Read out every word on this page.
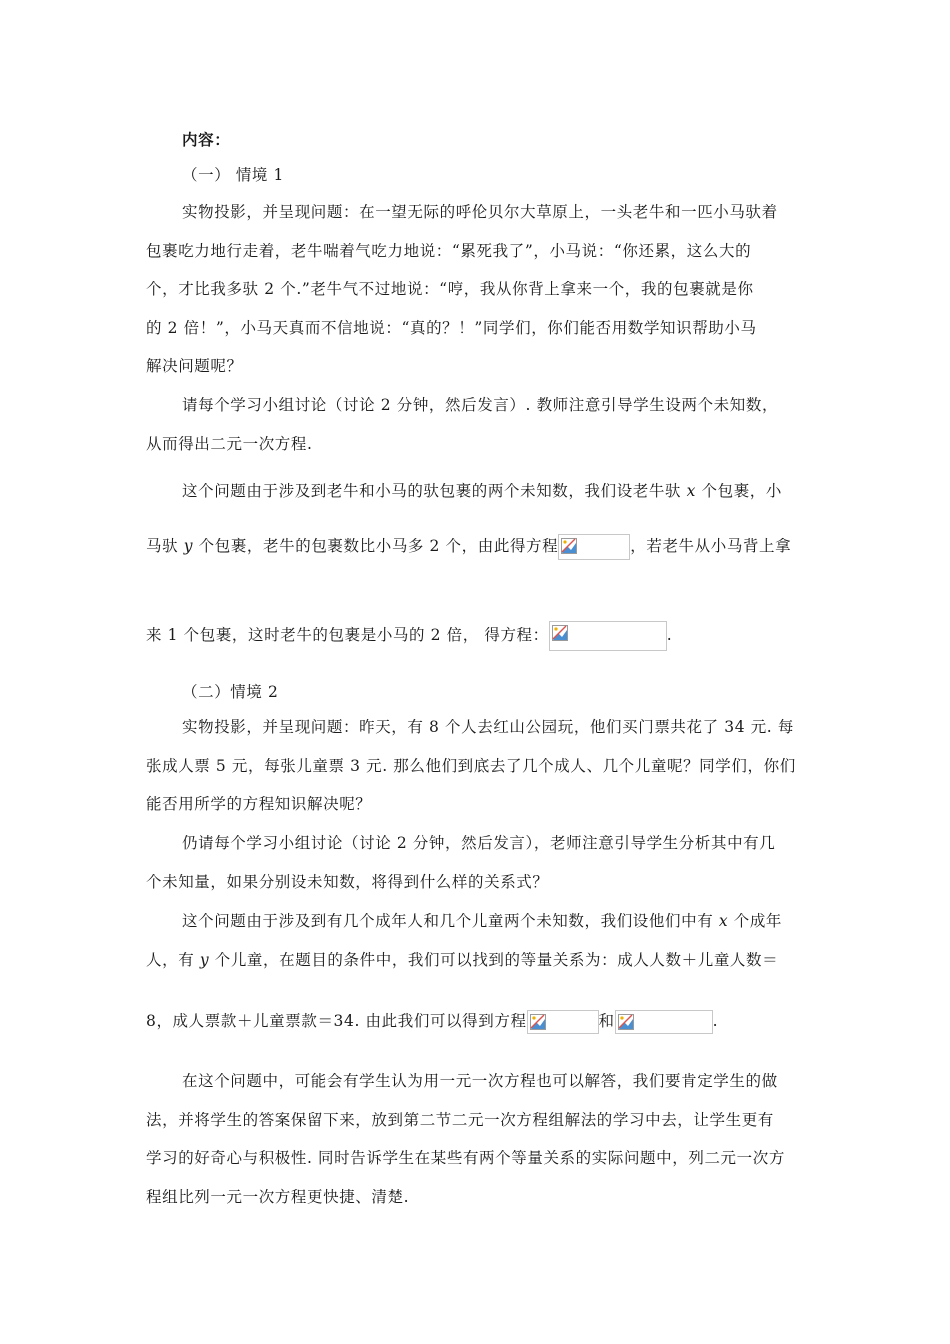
内容：
（一） 情境 1
实物投影，并呈现问题：在一望无际的呼伦贝尔大草原上，一头老牛和一匹小马驮着
包裹吃力地行走着，老牛喘着气吃力地说：“累死我了”，小马说：“你还累，这么大的
个，才比我多驮 2 个.”老牛气不过地说：“哼，我从你背上拿来一个，我的包裹就是你
的 2 倍！”，小马天真而不信地说：“真的？！”同学们，你们能否用数学知识帮助小马
解决问题呢？
请每个学习小组讨论（讨论 2 分钟，然后发言）. 教师注意引导学生设两个未知数，
从而得出二元一次方程.
这个问题由于涉及到老牛和小马的驮包裹的两个未知数，我们设老牛驮 x 个包裹，小
马驮 y 个包裹，老牛的包裹数比小马多 2 个，由此得方程	，若老牛从小马背上拿
来 1 个包裹，这时老牛的包裹是小马的 2 倍， 得方程：	.
（二）情境 2
实物投影，并呈现问题：昨天，有 8 个人去红山公园玩，他们买门票共花了 34 元. 每
张成人票 5 元，每张儿童票 3 元. 那么他们到底去了几个成人、几个儿童呢？同学们，你们
能否用所学的方程知识解决呢？
仍请每个学习小组讨论（讨论 2 分钟，然后发言），老师注意引导学生分析其中有几
个未知量，如果分别设未知数，将得到什么样的关系式？
这个问题由于涉及到有几个成年人和几个儿童两个未知数，我们设他们中有 x 个成年
人，有 y 个儿童，在题目的条件中，我们可以找到的等量关系为：成人人数＋儿童人数＝
8，成人票款＋儿童票款＝34. 由此我们可以得到方程	和	.
在这个问题中，可能会有学生认为用一元一次方程也可以解答，我们要肯定学生的做
法，并将学生的答案保留下来，放到第二节二元一次方程组解法的学习中去，让学生更有
学习的好奇心与积极性. 同时告诉学生在某些有两个等量关系的实际问题中，列二元一次方
程组比列一元一次方程更快捷、清楚.
